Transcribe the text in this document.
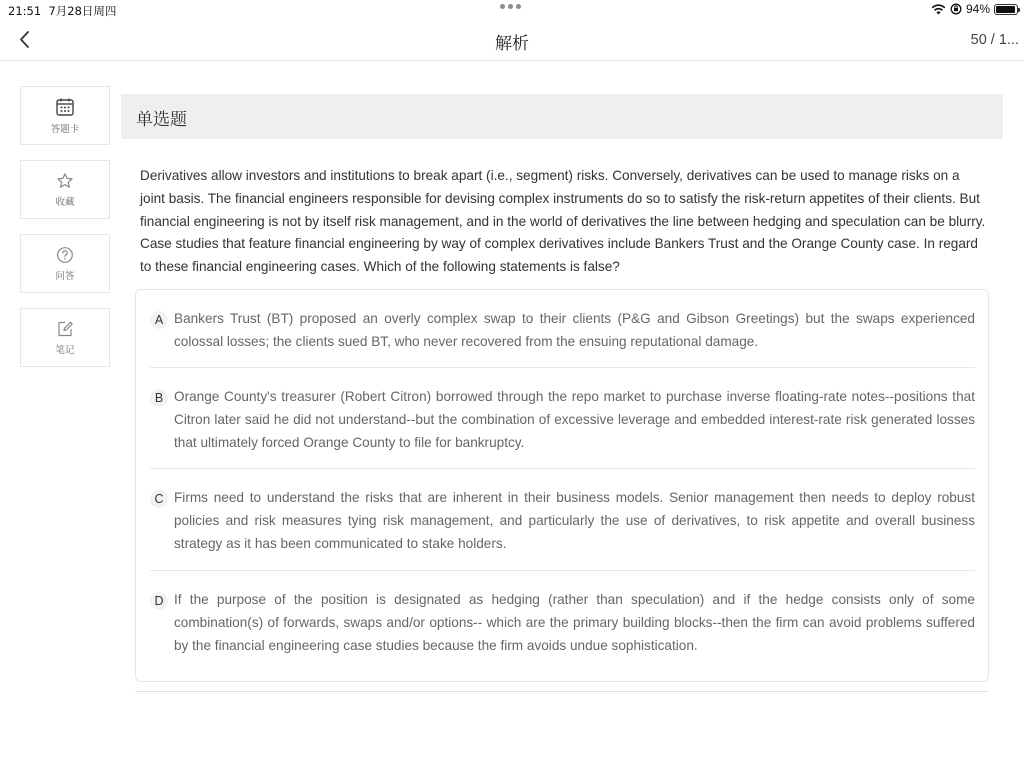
21:51 7月28日周四	94%
解析	50 / 1...
答题卡
收藏
问答
笔记
单选题
Derivatives allow investors and institutions to break apart (i.e., segment) risks. Conversely, derivatives can be used to manage risks on a joint basis. The financial engineers responsible for devising complex instruments do so to satisfy the risk-return appetites of their clients. But financial engineering is not by itself risk management, and in the world of derivatives the line between hedging and speculation can be blurry. Case studies that feature financial engineering by way of complex derivatives include Bankers Trust and the Orange County case. In regard to these financial engineering cases. Which of the following statements is false?
A Bankers Trust (BT) proposed an overly complex swap to their clients (P&G and Gibson Greetings) but the swaps experienced colossal losses; the clients sued BT, who never recovered from the ensuing reputational damage.
B Orange County's treasurer (Robert Citron) borrowed through the repo market to purchase inverse floating-rate notes--positions that Citron later said he did not understand--but the combination of excessive leverage and embedded interest-rate risk generated losses that ultimately forced Orange County to file for bankruptcy.
C Firms need to understand the risks that are inherent in their business models. Senior management then needs to deploy robust policies and risk measures tying risk management, and particularly the use of derivatives, to risk appetite and overall business strategy as it has been communicated to stake holders.
D If the purpose of the position is designated as hedging (rather than speculation) and if the hedge consists only of some combination(s) of forwards, swaps and/or options-- which are the primary building blocks--then the firm can avoid problems suffered by the financial engineering case studies because the firm avoids undue sophistication.
